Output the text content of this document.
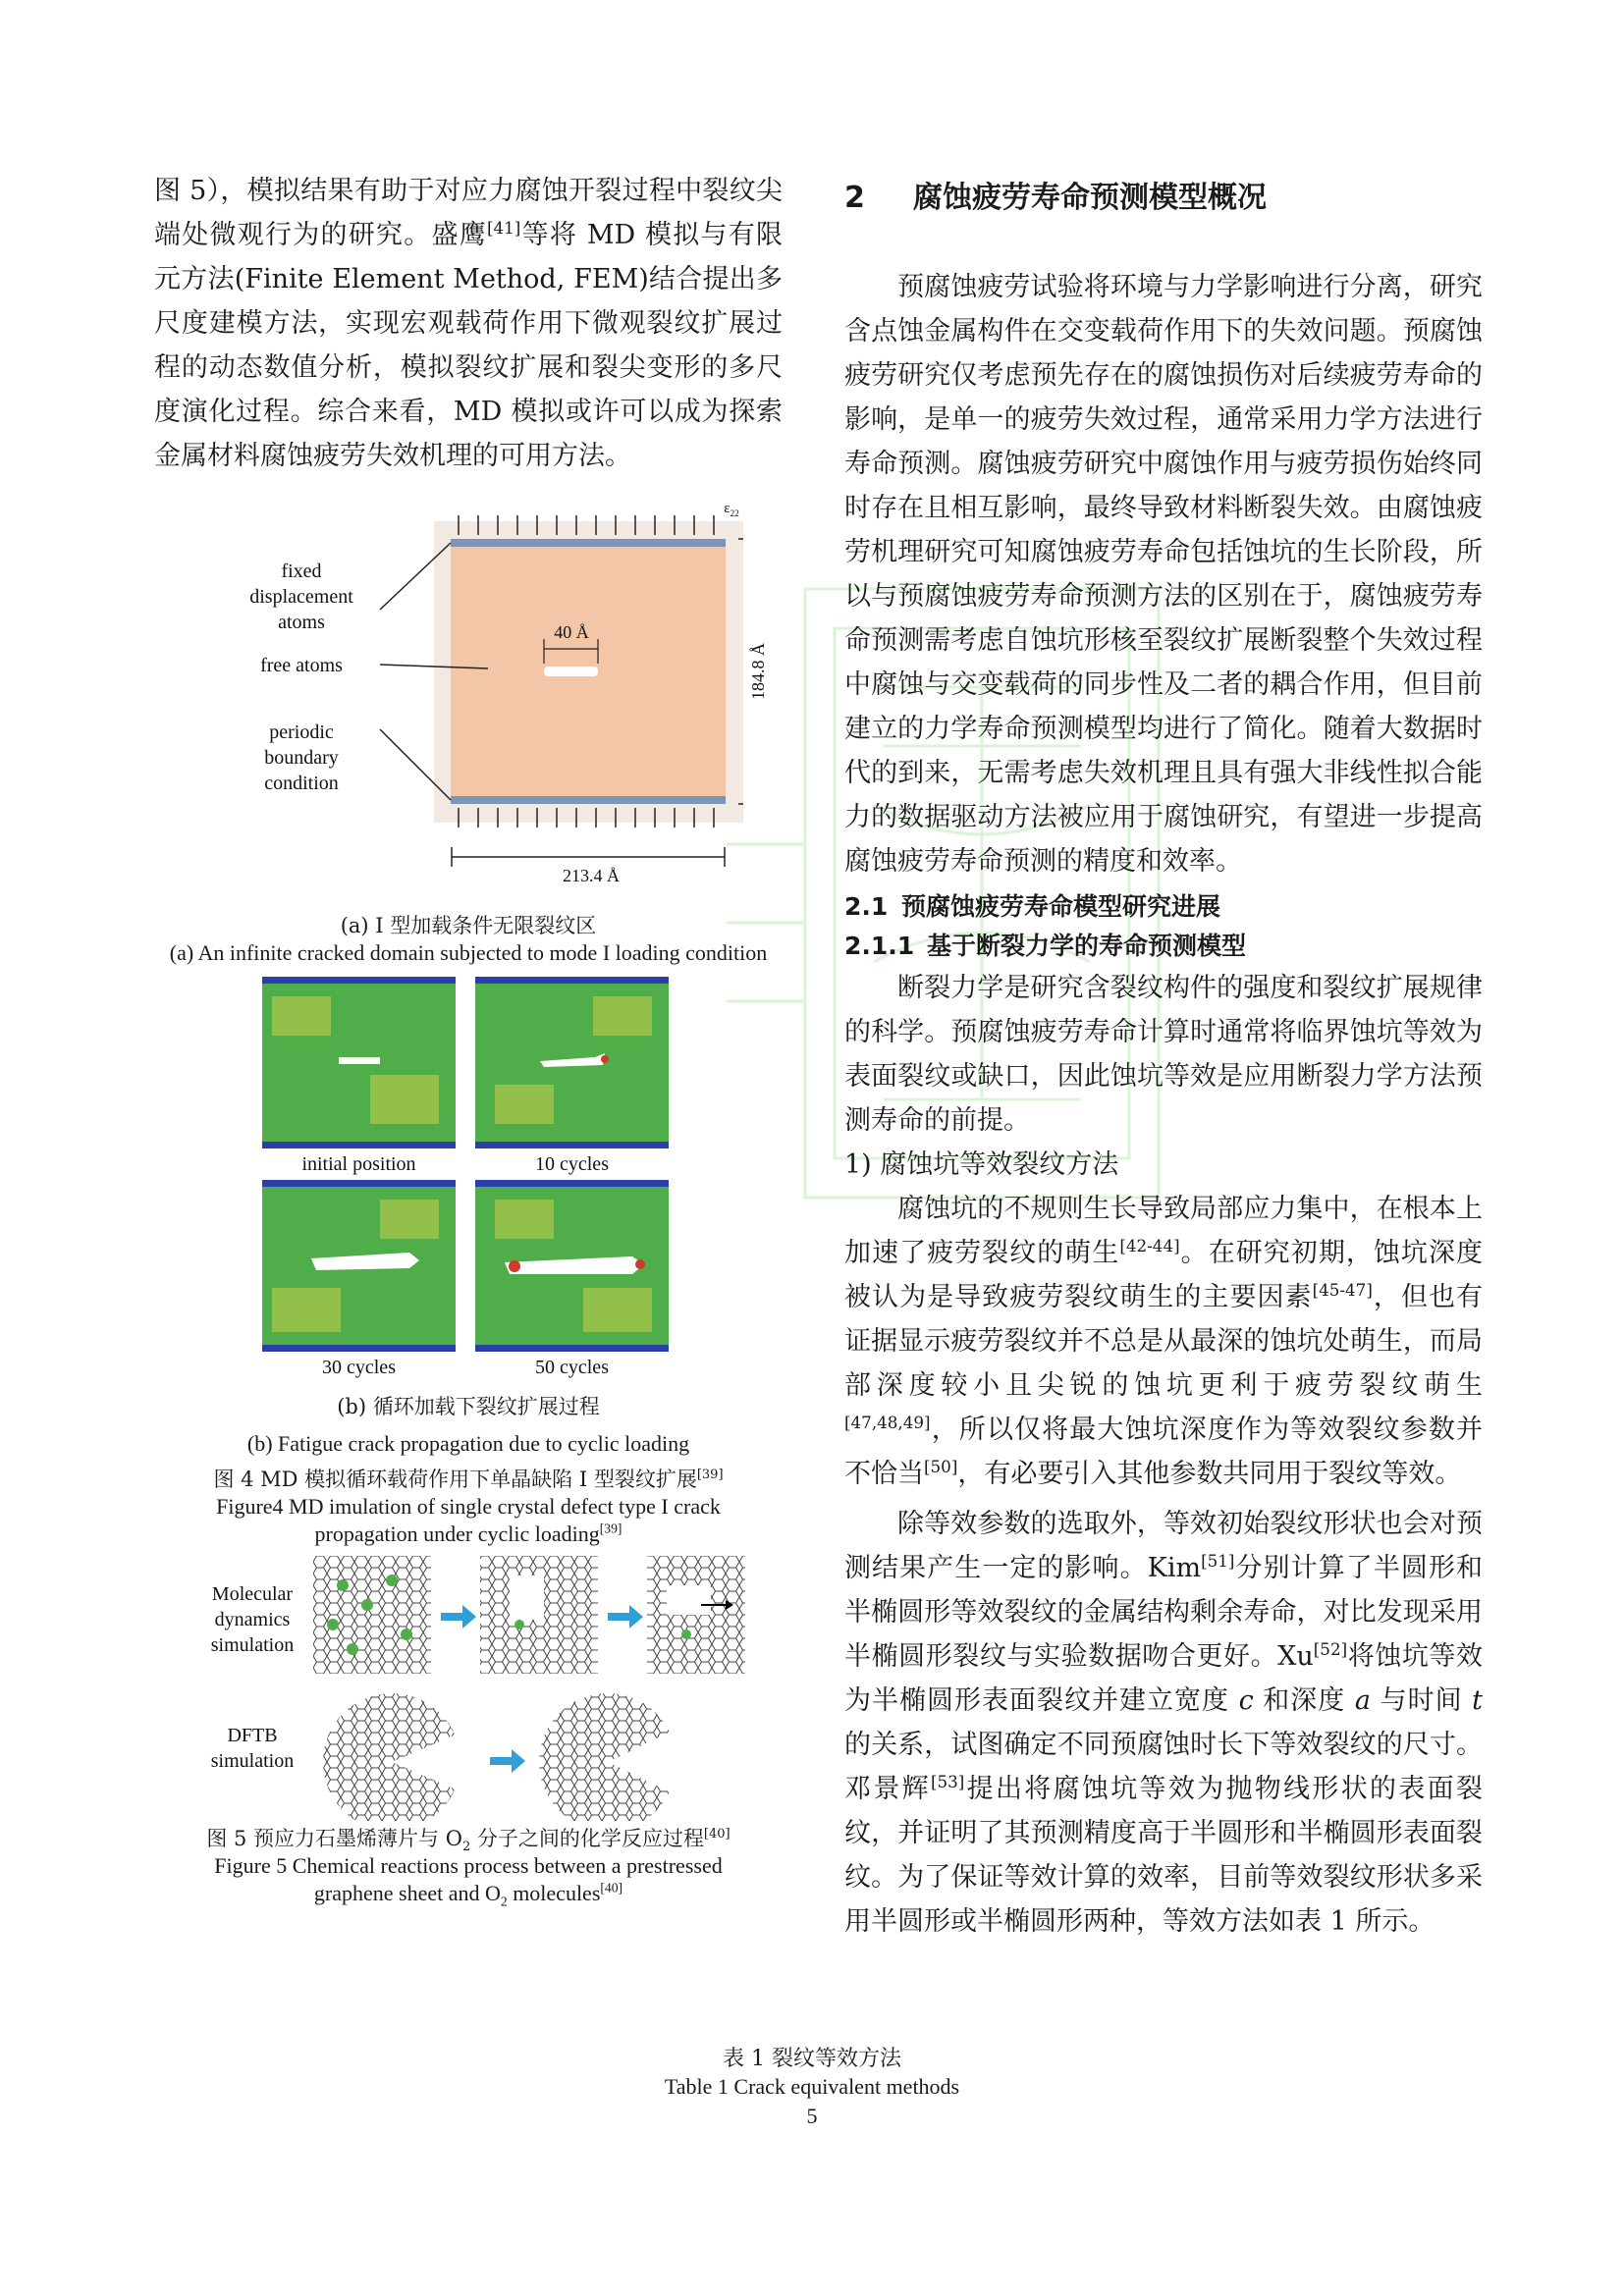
图 5），模拟结果有助于对应力腐蚀开裂过程中裂纹尖端处微观行为的研究。盛鹰[41]等将 MD 模拟与有限元方法(Finite Element Method, FEM)结合提出多尺度建模方法，实现宏观载荷作用下微观裂纹扩展过程的动态数值分析，模拟裂纹扩展和裂尖变形的多尺度演化过程。综合来看，MD 模拟或许可以成为探索金属材料腐蚀疲劳失效机理的可用方法。

fixed
displacement
atoms
free atoms
periodic
boundary
condition
40 Å
213.4 Å
184.8 Å
$\varepsilon_{22}$

(a) I 型加载条件无限裂纹区

(a) An infinite cracked domain subjected to mode I loading condition

initial position	10 cycles
30 cycles	50 cycles

(b) 循环加载下裂纹扩展过程

(b) Fatigue crack propagation due to cyclic loading

图 4 MD 模拟循环载荷作用下单晶缺陷 I 型裂纹扩展[39]

Figure4 MD imulation of single crystal defect type I crack propagation under cyclic loading[39]

Molecular
dynamics
simulation
DFTB
simulation

图 5 预应力石墨烯薄片与 $O_2$ 分子之间的化学反应过程[40]

Figure 5 Chemical reactions process between a prestressed

graphene sheet and $O_2$ molecules[40]

2 腐蚀疲劳寿命预测模型概况

预腐蚀疲劳试验将环境与力学影响进行分离，研究含点蚀金属构件在交变载荷作用下的失效问题。预腐蚀疲劳研究仅考虑预先存在的腐蚀损伤对后续疲劳寿命的影响，是单一的疲劳失效过程，通常采用力学方法进行寿命预测。腐蚀疲劳研究中腐蚀作用与疲劳损伤始终同时存在且相互影响，最终导致材料断裂失效。由腐蚀疲劳机理研究可知腐蚀疲劳寿命包括蚀坑的生长阶段，所以与预腐蚀疲劳寿命预测方法的区别在于，腐蚀疲劳寿命预测需考虑自蚀坑形核至裂纹扩展断裂整个失效过程中腐蚀与交变载荷的同步性及二者的耦合作用，但目前建立的力学寿命预测模型均进行了简化。随着大数据时代的到来，无需考虑失效机理且具有强大非线性拟合能力的数据驱动方法被应用于腐蚀研究，有望进一步提高腐蚀疲劳寿命预测的精度和效率。

2.1 预腐蚀疲劳寿命模型研究进展
2.1.1 基于断裂力学的寿命预测模型

断裂力学是研究含裂纹构件的强度和裂纹扩展规律的科学。预腐蚀疲劳寿命计算时通常将临界蚀坑等效为表面裂纹或缺口，因此蚀坑等效是应用断裂力学方法预测寿命的前提。

1) 腐蚀坑等效裂纹方法

腐蚀坑的不规则生长导致局部应力集中，在根本上加速了疲劳裂纹的萌生[42-44]。在研究初期，蚀坑深度被认为是导致疲劳裂纹萌生的主要因素[45-47]，但也有证据显示疲劳裂纹并不总是从最深的蚀坑处萌生，而局部深度较小且尖锐的蚀坑更利于疲劳裂纹萌生[47,48,49]，所以仅将最大蚀坑深度作为等效裂纹参数并不恰当[50]，有必要引入其他参数共同用于裂纹等效。

除等效参数的选取外，等效初始裂纹形状也会对预测结果产生一定的影响。Kim[51]分别计算了半圆形和半椭圆形等效裂纹的金属结构剩余寿命，对比发现采用半椭圆形裂纹与实验数据吻合更好。Xu[52]将蚀坑等效为半椭圆形表面裂纹并建立宽度 c 和深度 a 与时间 t 的关系，试图确定不同预腐蚀时长下等效裂纹的尺寸。邓景辉[53]提出将腐蚀坑等效为抛物线形状的表面裂纹，并证明了其预测精度高于半圆形和半椭圆形表面裂纹。为了保证等效计算的效率，目前等效裂纹形状多采用半圆形或半椭圆形两种，等效方法如表 1 所示。

表 1 裂纹等效方法
Table 1 Crack equivalent methods
5
